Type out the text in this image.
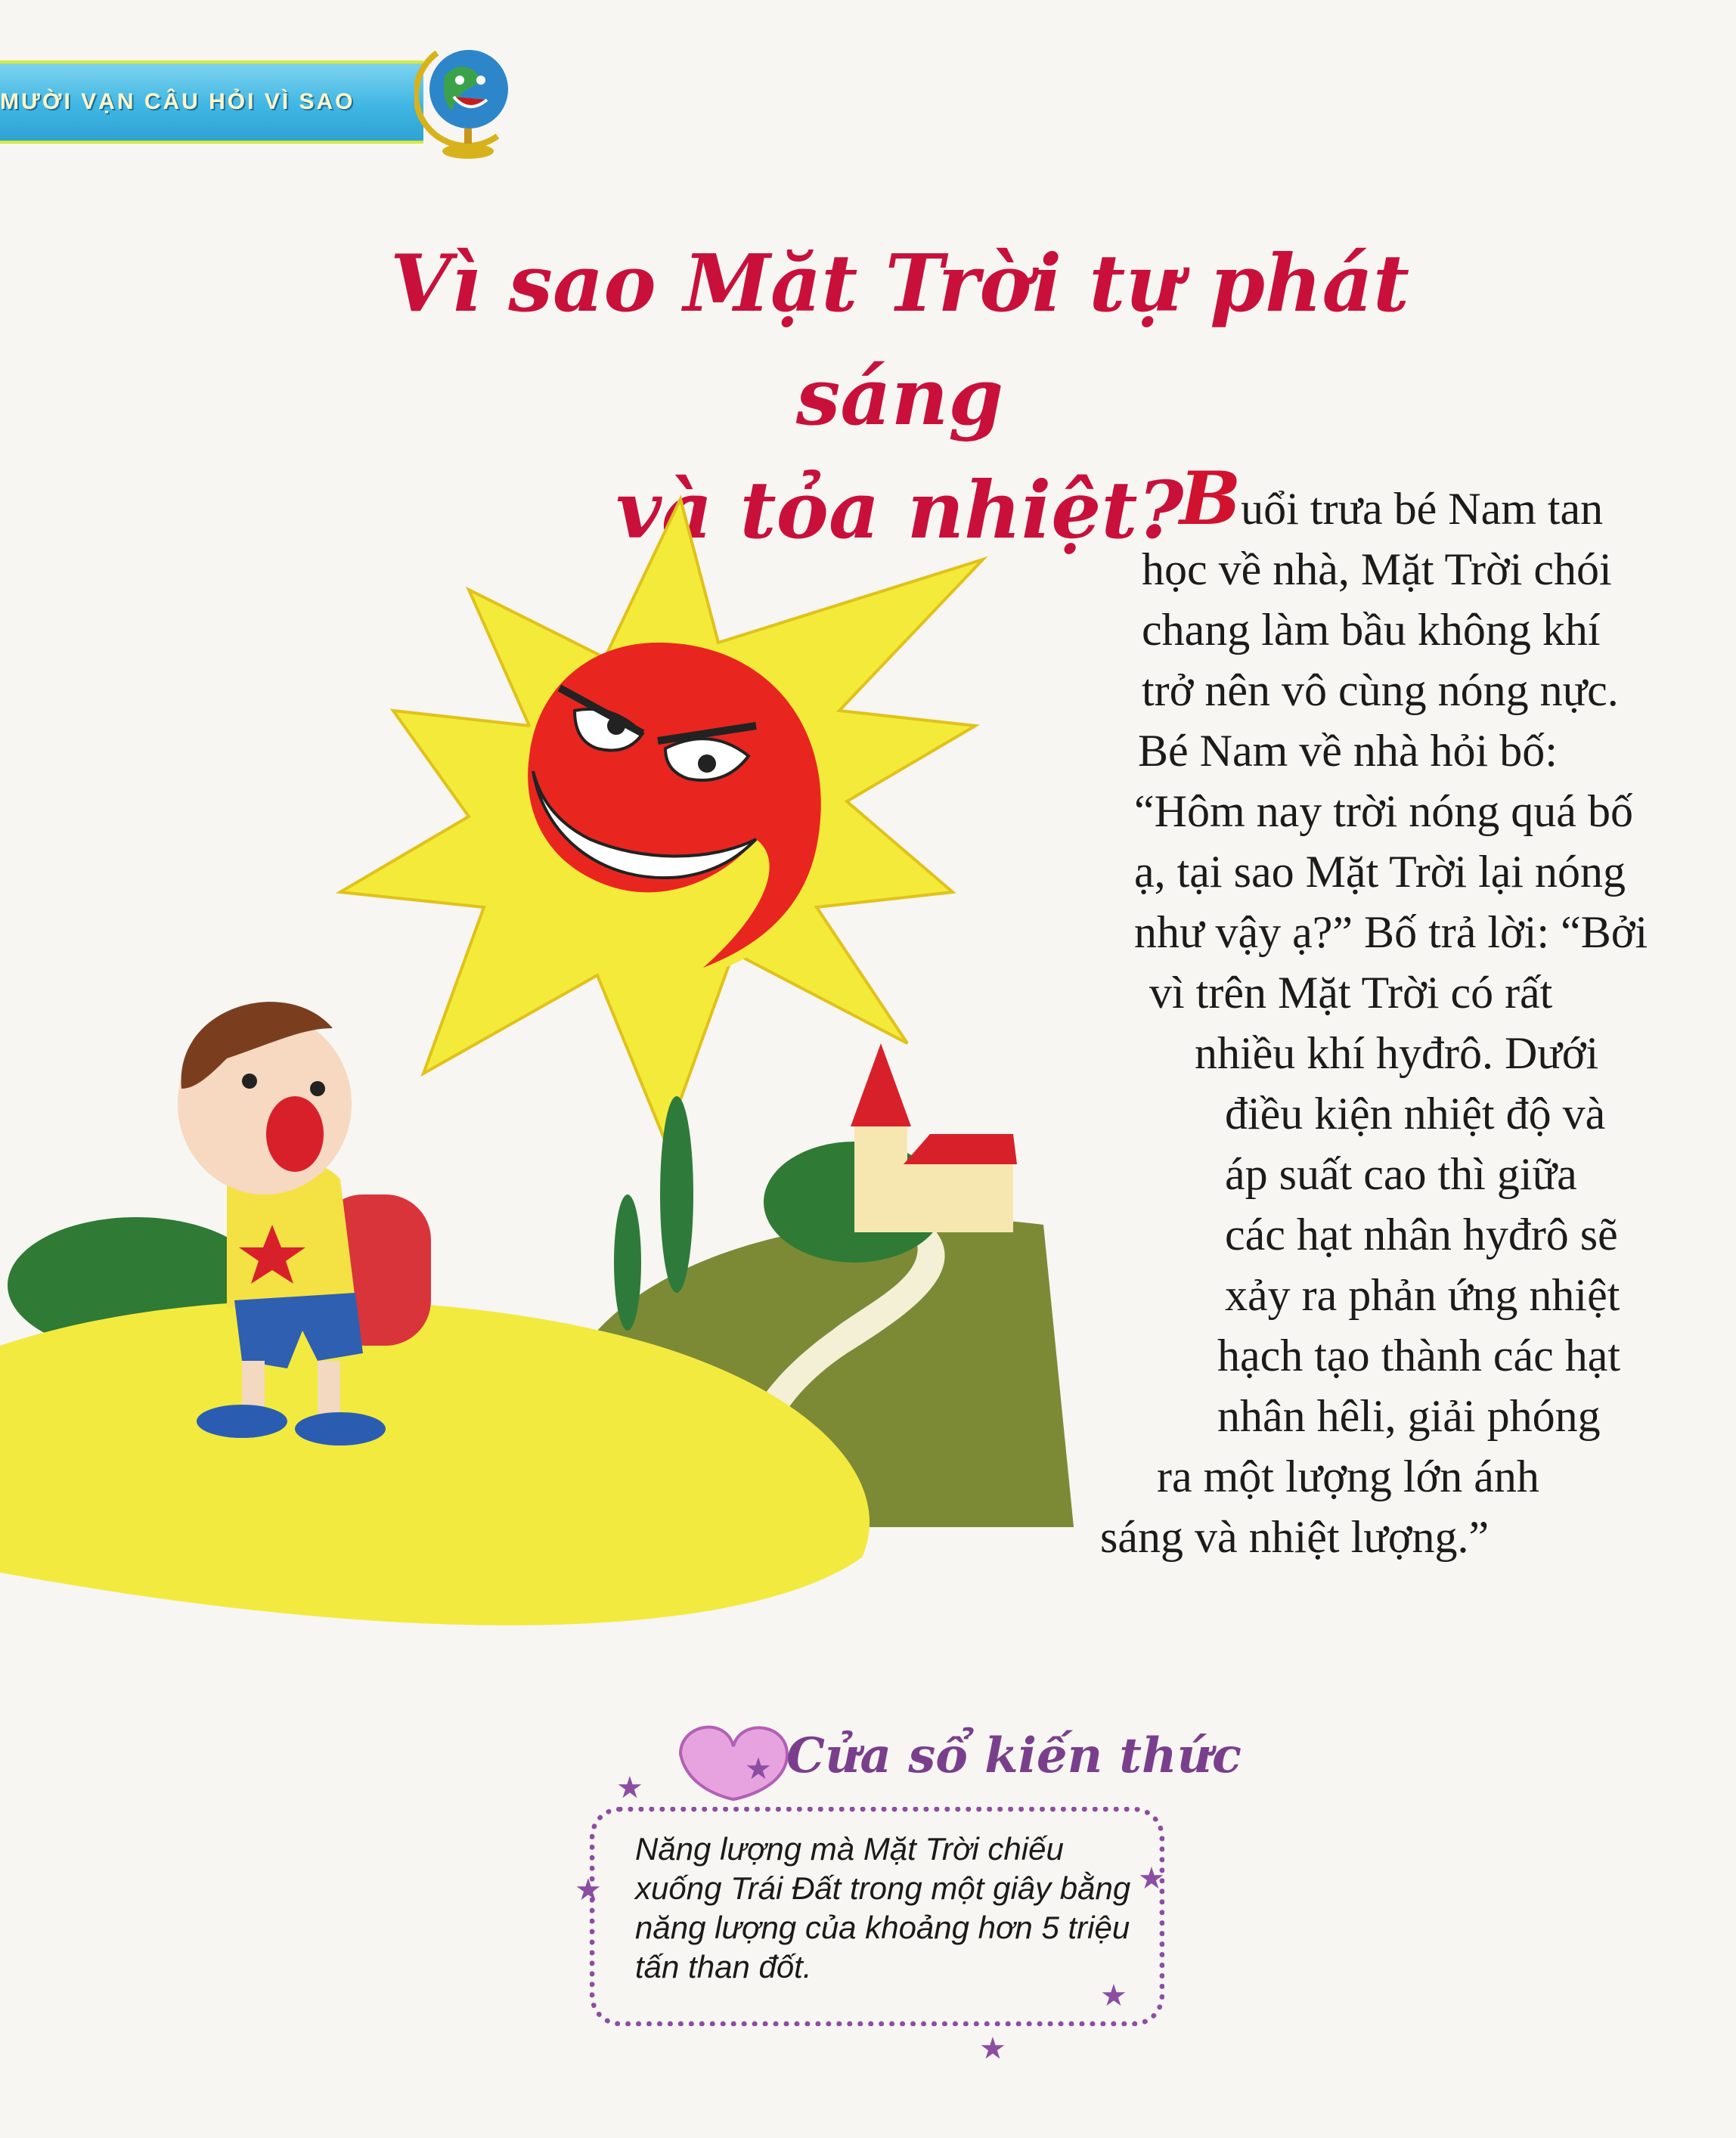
MƯỜI VẠN CÂU HỎI VÌ SAO
Vì sao Mặt Trời tự phát sáng
và tỏa nhiệt?
Buổi trưa bé Nam tan
học về nhà, Mặt Trời chói
chang làm bầu không khí
trở nên vô cùng nóng nực.
Bé Nam về nhà hỏi bố:
“Hôm nay trời nóng quá bố
ạ, tại sao Mặt Trời lại nóng
như vậy ạ?” Bố trả lời: “Bởi
vì trên Mặt Trời có rất
nhiều khí hyđrô. Dưới
điều kiện nhiệt độ và
áp suất cao thì giữa
các hạt nhân hyđrô sẽ
xảy ra phản ứng nhiệt
hạch tạo thành các hạt
nhân hêli, giải phóng
ra một lượng lớn ánh
sáng và nhiệt lượng.”
Cửa sổ kiến thức
Năng lượng mà Mặt Trời chiếu
xuống Trái Đất trong một giây bằng
năng lượng của khoảng hơn 5 triệu
tấn than đốt.
★
★
★
★
★
★
